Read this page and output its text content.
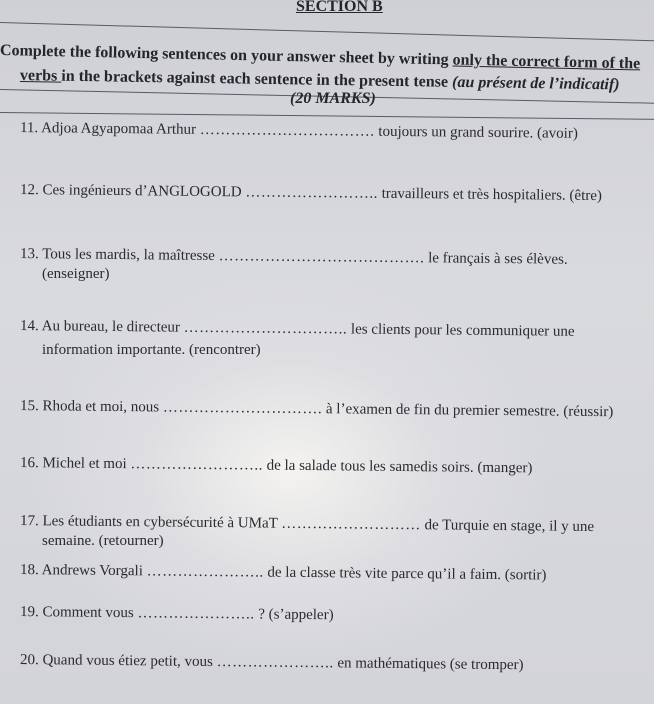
SECTION B
Complete the following sentences on your answer sheet by writing only the correct form of the
verbs in the brackets against each sentence in the present tense (au présent de l’indicatif)
(20 MARKS)
11. Adjoa Agyapomaa Arthur ……………………………. toujours un grand sourire. (avoir)
12. Ces ingénieurs d’ANGLOGOLD …………………….. travailleurs et très hospitaliers. (être)
13. Tous les mardis, la maîtresse …………………………………. le français à ses élèves.
(enseigner)
14. Au bureau, le directeur ………………………….. les clients pour les communiquer une
information importante. (rencontrer)
15. Rhoda et moi, nous …………………………. à l’examen de fin du premier semestre. (réussir)
16. Michel et moi …………………….. de la salade tous les samedis soirs. (manger)
17. Les étudiants en cybersécurité à UMaT ……………………… de Turquie en stage, il y une
semaine. (retourner)
18. Andrews Vorgali ………………….. de la classe très vite parce qu’il a faim. (sortir)
19. Comment vous ………………….. ? (s’appeler)
20. Quand vous étiez petit, vous ………………….. en mathématiques (se tromper)
